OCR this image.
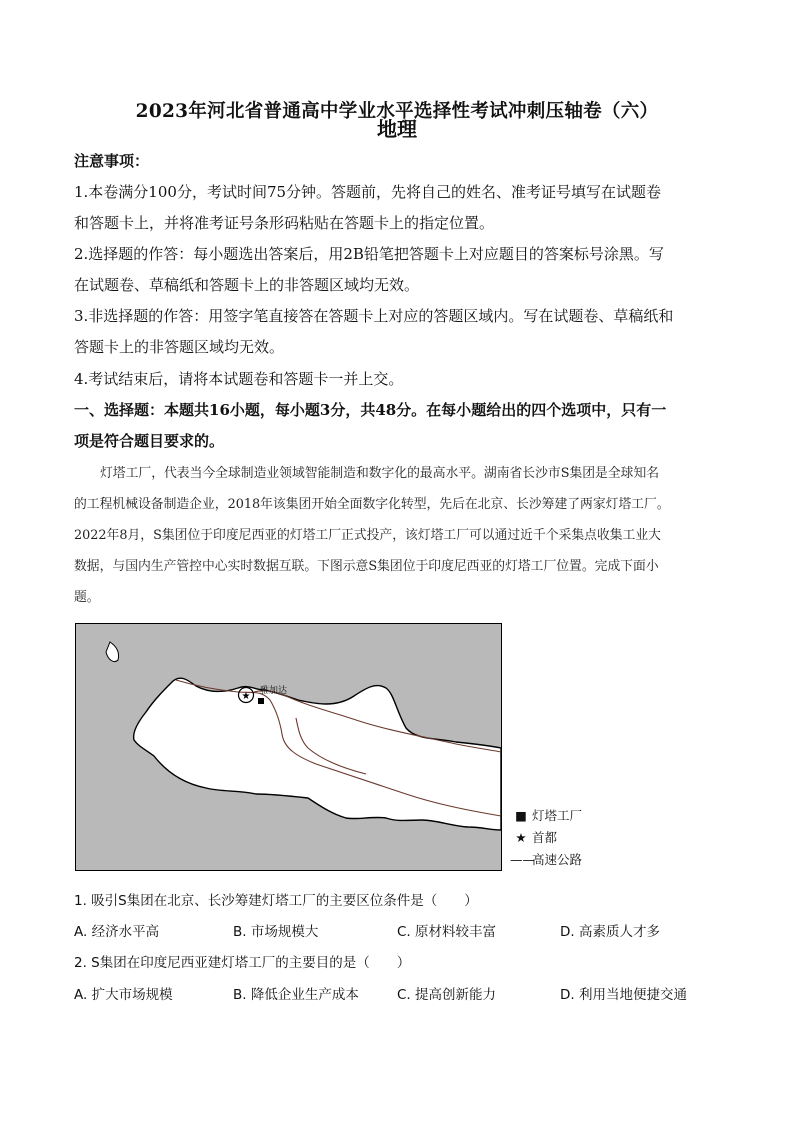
2023年河北省普通高中学业水平选择性考试冲刺压轴卷（六）
地理
注意事项：
1.本卷满分100分，考试时间75分钟。答题前，先将自己的姓名、准考证号填写在试题卷
和答题卡上，并将准考证号条形码粘贴在答题卡上的指定位置。
2.选择题的作答：每小题选出答案后，用2B铅笔把答题卡上对应题目的答案标号涂黑。写
在试题卷、草稿纸和答题卡上的非答题区域均无效。
3.非选择题的作答：用签字笔直接答在答题卡上对应的答题区域内。写在试题卷、草稿纸和
答题卡上的非答题区域均无效。
4.考试结束后，请将本试题卷和答题卡一并上交。
一、选择题：本题共16小题，每小题3分，共48分。在每小题给出的四个选项中，只有一
项是符合题目要求的。
灯塔工厂，代表当今全球制造业领域智能制造和数字化的最高水平。湖南省长沙市S集团是全球知名
的工程机械设备制造企业，2018年该集团开始全面数字化转型，先后在北京、长沙筹建了两家灯塔工厂。
2022年8月，S集团位于印度尼西亚的灯塔工厂正式投产，该灯塔工厂可以通过近千个采集点收集工业大
数据，与国内生产管控中心实时数据互联。下图示意S集团位于印度尼西亚的灯塔工厂位置。完成下面小
题。
★ 雅加达
■ 灯塔工厂
★ 首都
——高速公路
1. 吸引S集团在北京、长沙筹建灯塔工厂的主要区位条件是（　　）
A. 经济水平高	B. 市场规模大	C. 原材料较丰富	D. 高素质人才多
2. S集团在印度尼西亚建灯塔工厂的主要目的是（　　）
A. 扩大市场规模	B. 降低企业生产成本	C. 提高创新能力	D. 利用当地便捷交通
